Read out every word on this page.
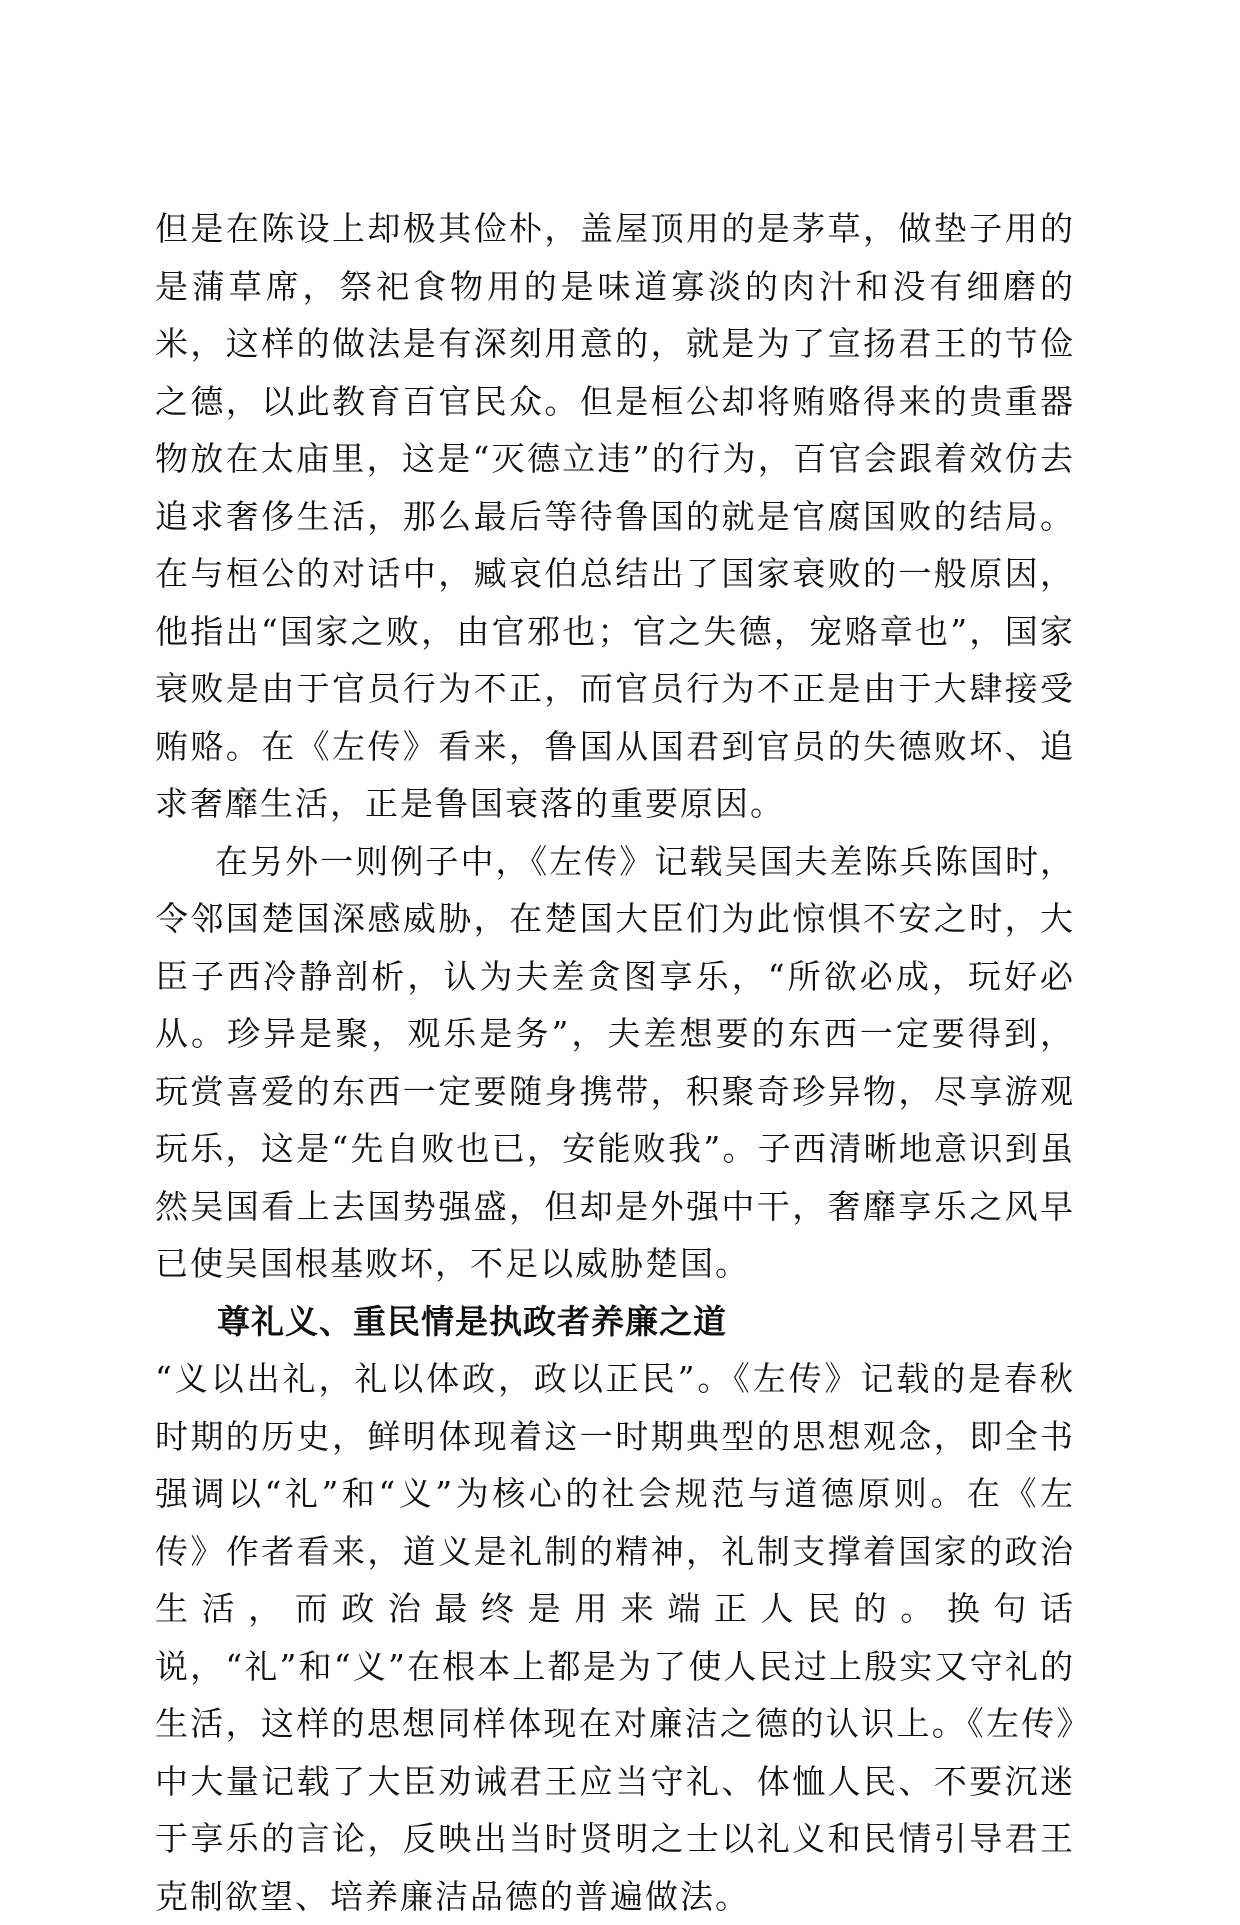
但是在陈设上却极其俭朴，盖屋顶用的是茅草，做垫子用的是蒲草席，祭祀食物用的是味道寡淡的肉汁和没有细磨的米，这样的做法是有深刻用意的，就是为了宣扬君王的节俭之德，以此教育百官民众。但是桓公却将贿赂得来的贵重器物放在太庙里，这是“灭德立违”的行为，百官会跟着效仿去追求奢侈生活，那么最后等待鲁国的就是官腐国败的结局。在与桓公的对话中，臧哀伯总结出了国家衰败的一般原因，他指出“国家之败，由官邪也；官之失德，宠赂章也”，国家衰败是由于官员行为不正，而官员行为不正是由于大肆接受贿赂。在《左传》看来，鲁国从国君到官员的失德败坏、追求奢靡生活，正是鲁国衰落的重要原因。

在另外一则例子中，《左传》记载吴国夫差陈兵陈国时，令邻国楚国深感威胁，在楚国大臣们为此惊惧不安之时，大臣子西冷静剖析，认为夫差贪图享乐，“所欲必成，玩好必从。珍异是聚，观乐是务”，夫差想要的东西一定要得到，玩赏喜爱的东西一定要随身携带，积聚奇珍异物，尽享游观玩乐，这是“先自败也已，安能败我”。子西清晰地意识到虽然吴国看上去国势强盛，但却是外强中干，奢靡享乐之风早已使吴国根基败坏，不足以威胁楚国。

尊礼义、重民情是执政者养廉之道

“义以出礼，礼以体政，政以正民”。《左传》记载的是春秋时期的历史，鲜明体现着这一时期典型的思想观念，即全书强调以“礼”和“义”为核心的社会规范与道德原则。在《左传》作者看来，道义是礼制的精神，礼制支撑着国家的政治生活，而政治最终是用来端正人民的。换句话说，“礼”和“义”在根本上都是为了使人民过上殷实又守礼的生活，这样的思想同样体现在对廉洁之德的认识上。《左传》中大量记载了大臣劝诫君王应当守礼、体恤人民、不要沉迷于享乐的言论，反映出当时贤明之士以礼义和民情引导君王克制欲望、培养廉洁品德的普遍做法。
